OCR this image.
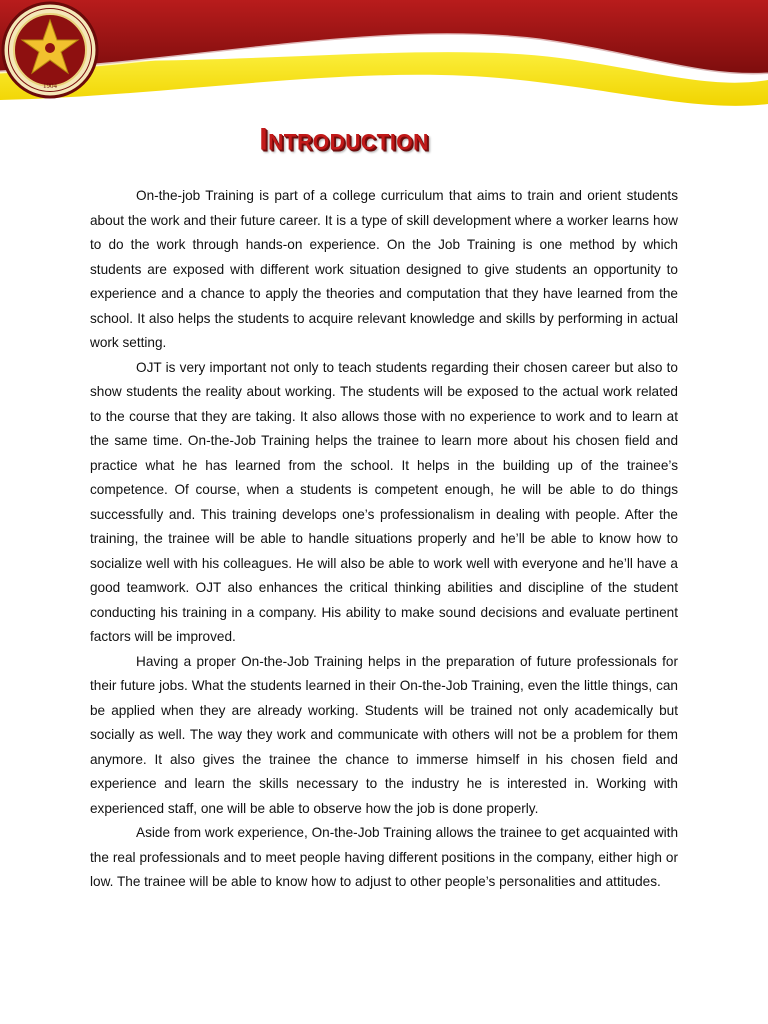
1904
Introduction

On-the-job Training is part of a college curriculum that aims to train and orient students about the work and their future career. It is a type of skill development where a worker learns how to do the work through hands-on experience. On the Job Training is one method by which students are exposed with different work situation designed to give students an opportunity to experience and a chance to apply the theories and computation that they have learned from the school. It also helps the students to acquire relevant knowledge and skills by performing in actual work setting.

OJT is very important not only to teach students regarding their chosen career but also to show students the reality about working. The students will be exposed to the actual work related to the course that they are taking. It also allows those with no experience to work and to learn at the same time. On-the-Job Training helps the trainee to learn more about his chosen field and practice what he has learned from the school. It helps in the building up of the trainee’s competence. Of course, when a students is competent enough, he will be able to do things successfully and. This training develops one’s professionalism in dealing with people. After the training, the trainee will be able to handle situations properly and he’ll be able to know how to socialize well with his colleagues. He will also be able to work well with everyone and he’ll have a good teamwork. OJT also enhances the critical thinking abilities and discipline of the student conducting his training in a company. His ability to make sound decisions and evaluate pertinent factors will be improved.

Having a proper On-the-Job Training helps in the preparation of future professionals for their future jobs. What the students learned in their On-the-Job Training, even the little things, can be applied when they are already working. Students will be trained not only academically but socially as well. The way they work and communicate with others will not be a problem for them anymore. It also gives the trainee the chance to immerse himself in his chosen field and experience and learn the skills necessary to the industry he is interested in. Working with experienced staff, one will be able to observe how the job is done properly.

Aside from work experience, On-the-Job Training allows the trainee to get acquainted with the real professionals and to meet people having different positions in the company, either high or low. The trainee will be able to know how to adjust to other people’s personalities and attitudes.
